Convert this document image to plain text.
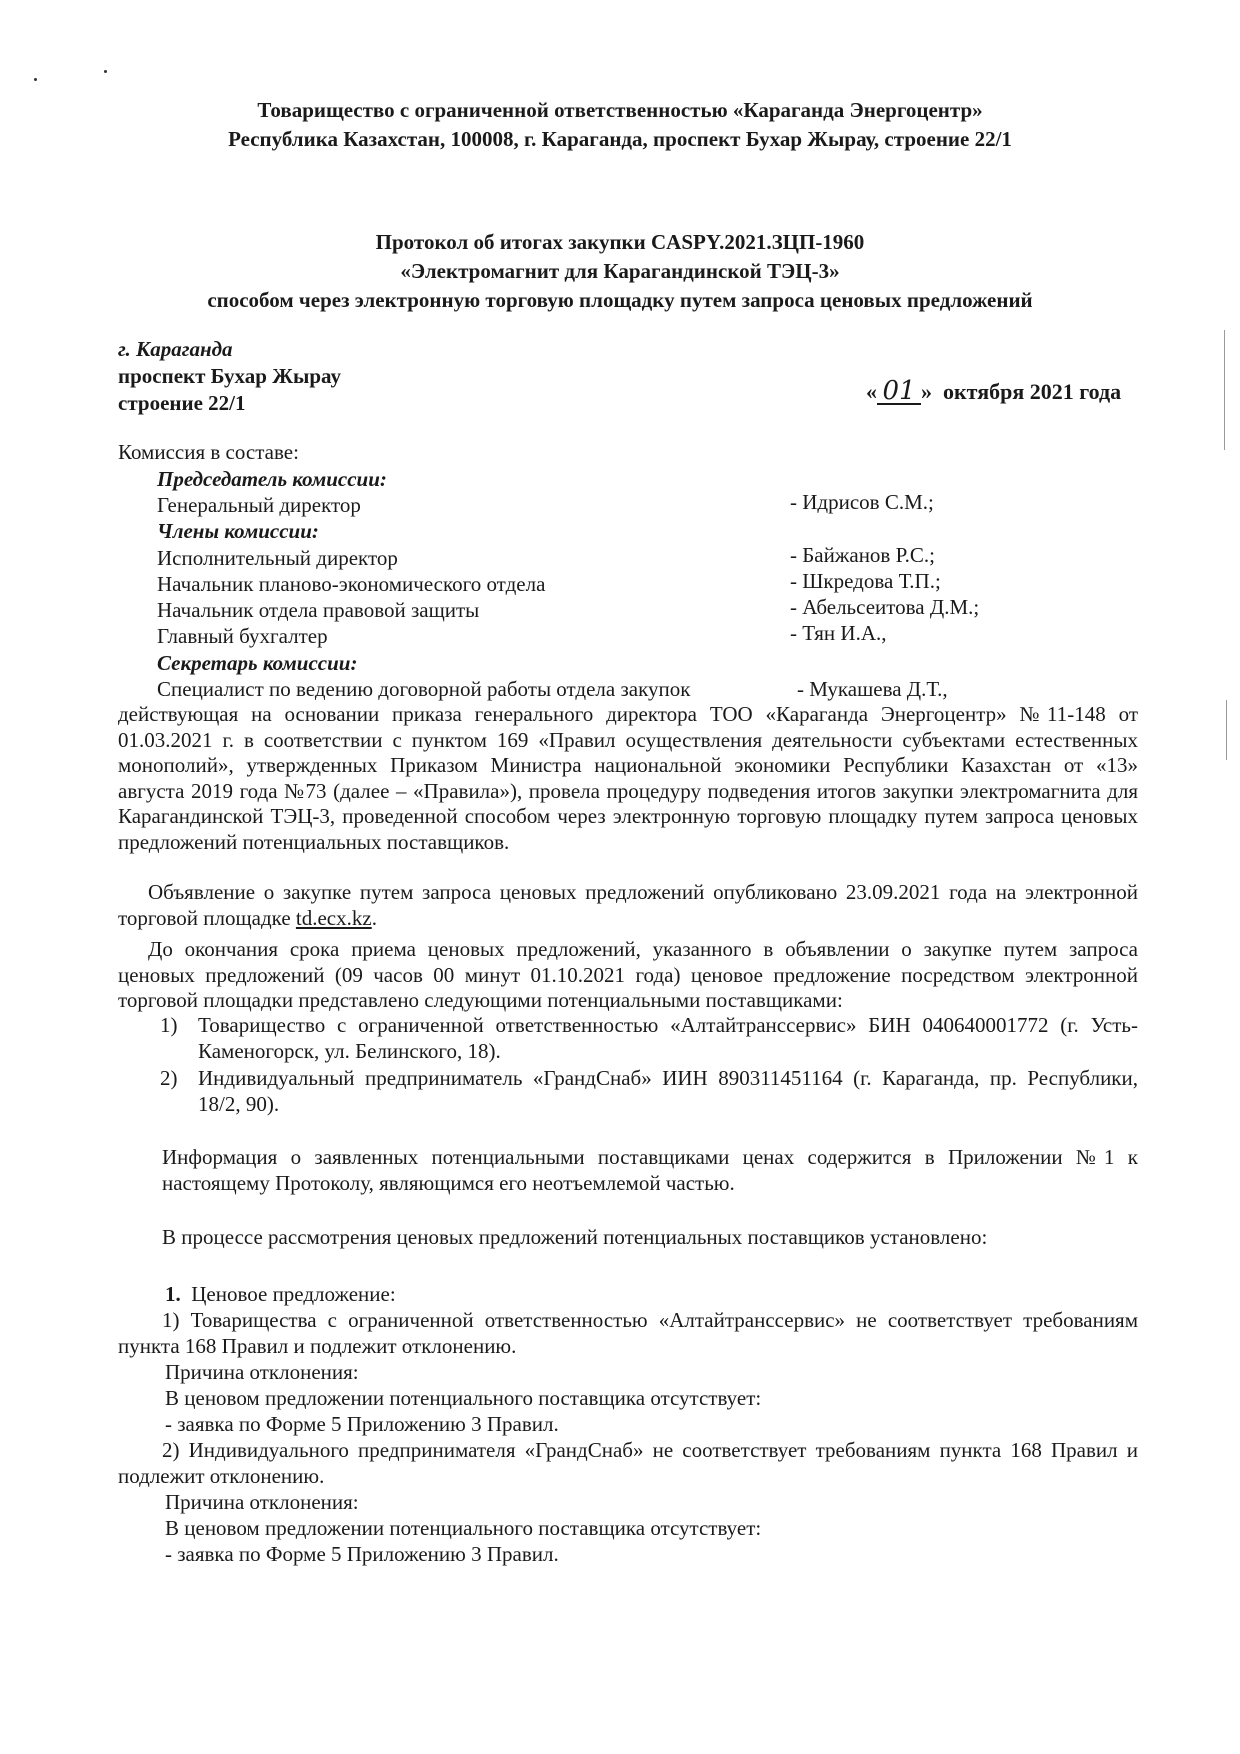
Товарищество с ограниченной ответственностью «Караганда Энергоцентр»
Республика Казахстан, 100008, г. Караганда, проспект Бухар Жырау, строение 22/1
Протокол об итогах закупки CASPY.2021.ЗЦП-1960
«Электромагнит для Карагандинской ТЭЦ-3»
способом через электронную торговую площадку путем запроса ценовых предложений
г. Караганда
проспект Бухар Жырау
строение 22/1	« 01 » октября 2021 года
Комиссия в составе:
Председатель комиссии:
Генеральный директор	- Идрисов С.М.;
Члены комиссии:
Исполнительный директор	- Байжанов Р.С.;
Начальник планово-экономического отдела	- Шкредова Т.П.;
Начальник отдела правовой защиты	- Абельсеитова Д.М.;
Главный бухгалтер	- Тян И.А.,
Секретарь комиссии:
Специалист по ведению договорной работы отдела закупок	- Мукашева Д.Т.,
действующая на основании приказа генерального директора ТОО «Караганда Энергоцентр» №11-148 от 01.03.2021 г. в соответствии с пунктом 169 «Правил осуществления деятельности субъектами естественных монополий», утвержденных Приказом Министра национальной экономики Республики Казахстан от «13» августа 2019 года №73 (далее – «Правила»), провела процедуру подведения итогов закупки электромагнита для Карагандинской ТЭЦ-3, проведенной способом через электронную торговую площадку путем запроса ценовых предложений потенциальных поставщиков.
Объявление о закупке путем запроса ценовых предложений опубликовано 23.09.2021 года на электронной торговой площадке td.ecx.kz.
До окончания срока приема ценовых предложений, указанного в объявлении о закупке путем запроса ценовых предложений (09 часов 00 минут 01.10.2021 года) ценовое предложение посредством электронной торговой площадки представлено следующими потенциальными поставщиками:
1) Товарищество с ограниченной ответственностью «Алтайтранссервис» БИН 040640001772 (г. Усть-Каменогорск, ул. Белинского, 18).
2) Индивидуальный предприниматель «ГрандСнаб» ИИН 890311451164 (г. Караганда, пр. Республики, 18/2, 90).
Информация о заявленных потенциальными поставщиками ценах содержится в Приложении №1 к настоящему Протоколу, являющимся его неотъемлемой частью.
В процессе рассмотрения ценовых предложений потенциальных поставщиков установлено:
1. Ценовое предложение:
1) Товарищества с ограниченной ответственностью «Алтайтранссервис» не соответствует требованиям пункта 168 Правил и подлежит отклонению.
Причина отклонения:
В ценовом предложении потенциального поставщика отсутствует:
- заявка по Форме 5 Приложению 3 Правил.
2) Индивидуального предпринимателя «ГрандСнаб» не соответствует требованиям пункта 168 Правил и подлежит отклонению.
Причина отклонения:
В ценовом предложении потенциального поставщика отсутствует:
- заявка по Форме 5 Приложению 3 Правил.
